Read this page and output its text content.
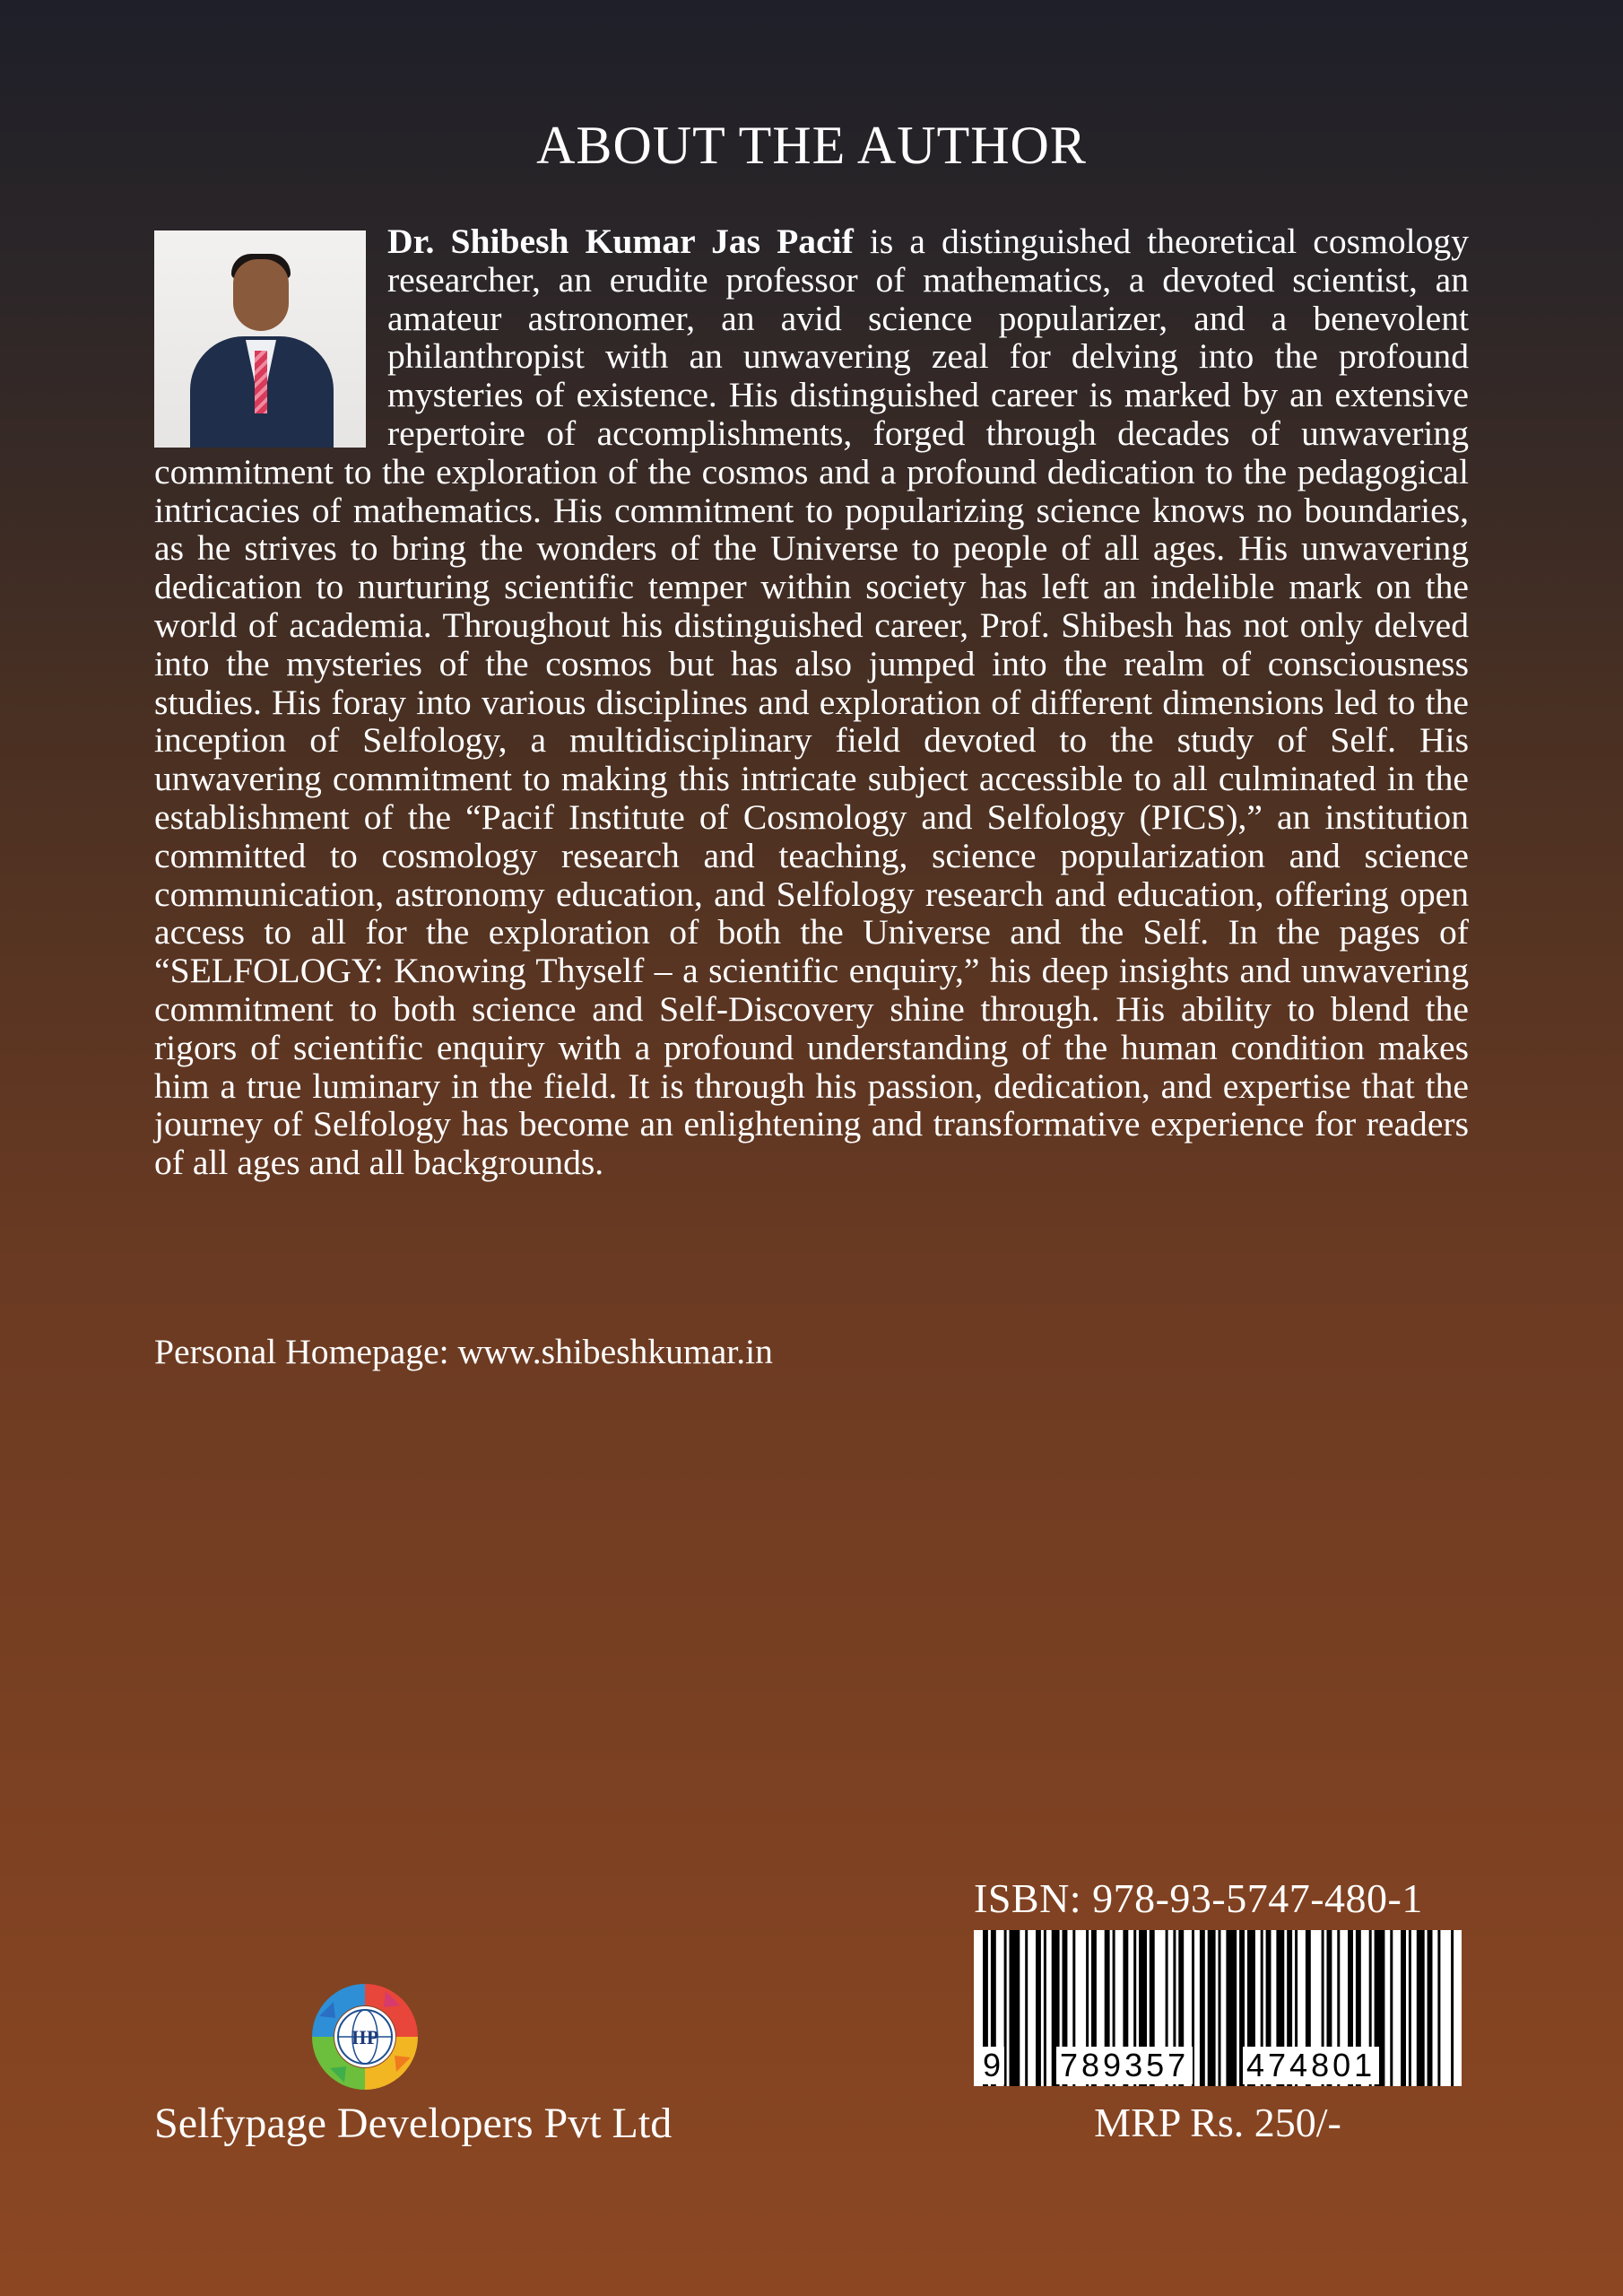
ABOUT THE AUTHOR

Dr. Shibesh Kumar Jas Pacif is a distinguished theoretical cosmology researcher, an erudite professor of mathematics, a devoted scientist, an amateur astronomer, an avid science popularizer, and a benevolent philanthropist with an unwavering zeal for delving into the profound mysteries of existence. His distinguished career is marked by an extensive repertoire of accomplishments, forged through decades of unwavering commitment to the exploration of the cosmos and a profound dedication to the pedagogical intricacies of mathematics. His commitment to popularizing science knows no boundaries, as he strives to bring the wonders of the Universe to people of all ages. His unwavering dedication to nurturing scientific temper within society has left an indelible mark on the world of academia. Throughout his distinguished career, Prof. Shibesh has not only delved into the mysteries of the cosmos but has also jumped into the realm of consciousness studies. His foray into various disciplines and exploration of different dimensions led to the inception of Selfology, a multidisciplinary field devoted to the study of Self. His unwavering commitment to making this intricate subject accessible to all culminated in the establishment of the “Pacif Institute of Cosmology and Selfology (PICS),” an institution committed to cosmology research and teaching, science popularization and science communication, astronomy education, and Selfology research and education, offering open access to all for the exploration of both the Universe and the Self. In the pages of “SELFOLOGY: Knowing Thyself – a scientific enquiry,” his deep insights and unwavering commitment to both science and Self-Discovery shine through. His ability to blend the rigors of scientific enquiry with a profound understanding of the human condition makes him a true luminary in the field. It is through his passion, dedication, and expertise that the journey of Selfology has become an enlightening and transformative experience for readers of all ages and all backgrounds.

Personal Homepage: www.shibeshkumar.in

ISBN: 978-93-5747-480-1

9 789357 474801

MRP Rs. 250/-

IIP

Selfypage Developers Pvt Ltd
